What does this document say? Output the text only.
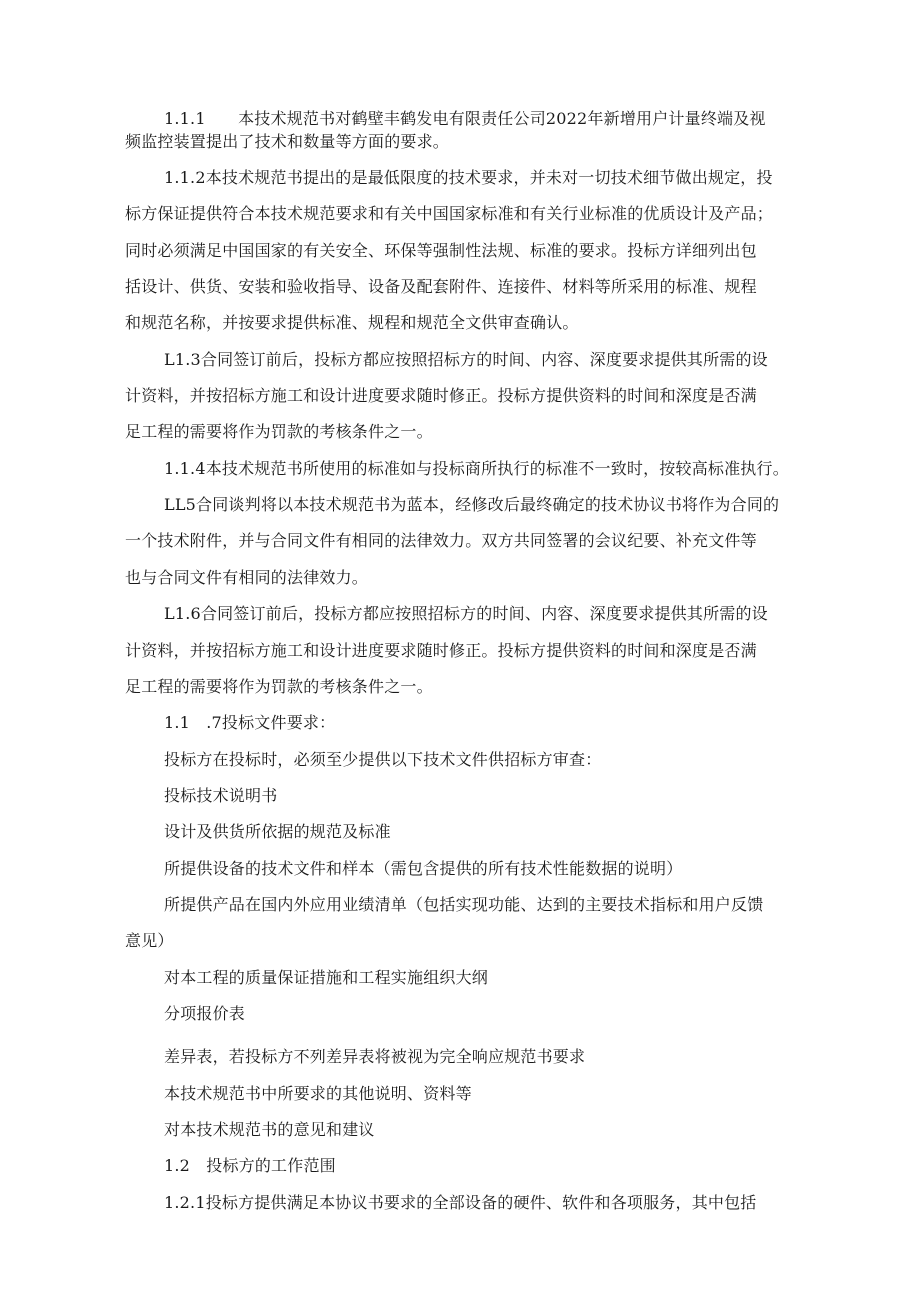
1.1.1　　本技术规范书对鹤壁丰鹤发电有限责任公司2022年新增用户计量终端及视

频监控装置提出了技术和数量等方面的要求。

1.1.2本技术规范书提出的是最低限度的技术要求，并未对一切技术细节做出规定，投

标方保证提供符合本技术规范要求和有关中国国家标准和有关行业标准的优质设计及产品；

同时必须满足中国国家的有关安全、环保等强制性法规、标准的要求。投标方详细列出包

括设计、供货、安装和验收指导、设备及配套附件、连接件、材料等所采用的标准、规程

和规范名称，并按要求提供标准、规程和规范全文供审查确认。

L1.3合同签订前后，投标方都应按照招标方的时间、内容、深度要求提供其所需的设

计资料，并按招标方施工和设计进度要求随时修正。投标方提供资料的时间和深度是否满

足工程的需要将作为罚款的考核条件之一。

1.1.4本技术规范书所使用的标准如与投标商所执行的标准不一致时，按较高标准执行。

LL5合同谈判将以本技术规范书为蓝本，经修改后最终确定的技术协议书将作为合同的

一个技术附件，并与合同文件有相同的法律效力。双方共同签署的会议纪要、补充文件等

也与合同文件有相同的法律效力。

L1.6合同签订前后，投标方都应按照招标方的时间、内容、深度要求提供其所需的设

计资料，并按招标方施工和设计进度要求随时修正。投标方提供资料的时间和深度是否满

足工程的需要将作为罚款的考核条件之一。

1.1　.7投标文件要求：

投标方在投标时，必须至少提供以下技术文件供招标方审查：

投标技术说明书

设计及供货所依据的规范及标准

所提供设备的技术文件和样本（需包含提供的所有技术性能数据的说明）

所提供产品在国内外应用业绩清单（包括实现功能、达到的主要技术指标和用户反馈

意见）

对本工程的质量保证措施和工程实施组织大纲

分项报价表

差异表，若投标方不列差异表将被视为完全响应规范书要求

本技术规范书中所要求的其他说明、资料等

对本技术规范书的意见和建议

1.2　投标方的工作范围

1.2.1投标方提供满足本协议书要求的全部设备的硬件、软件和各项服务，其中包括
